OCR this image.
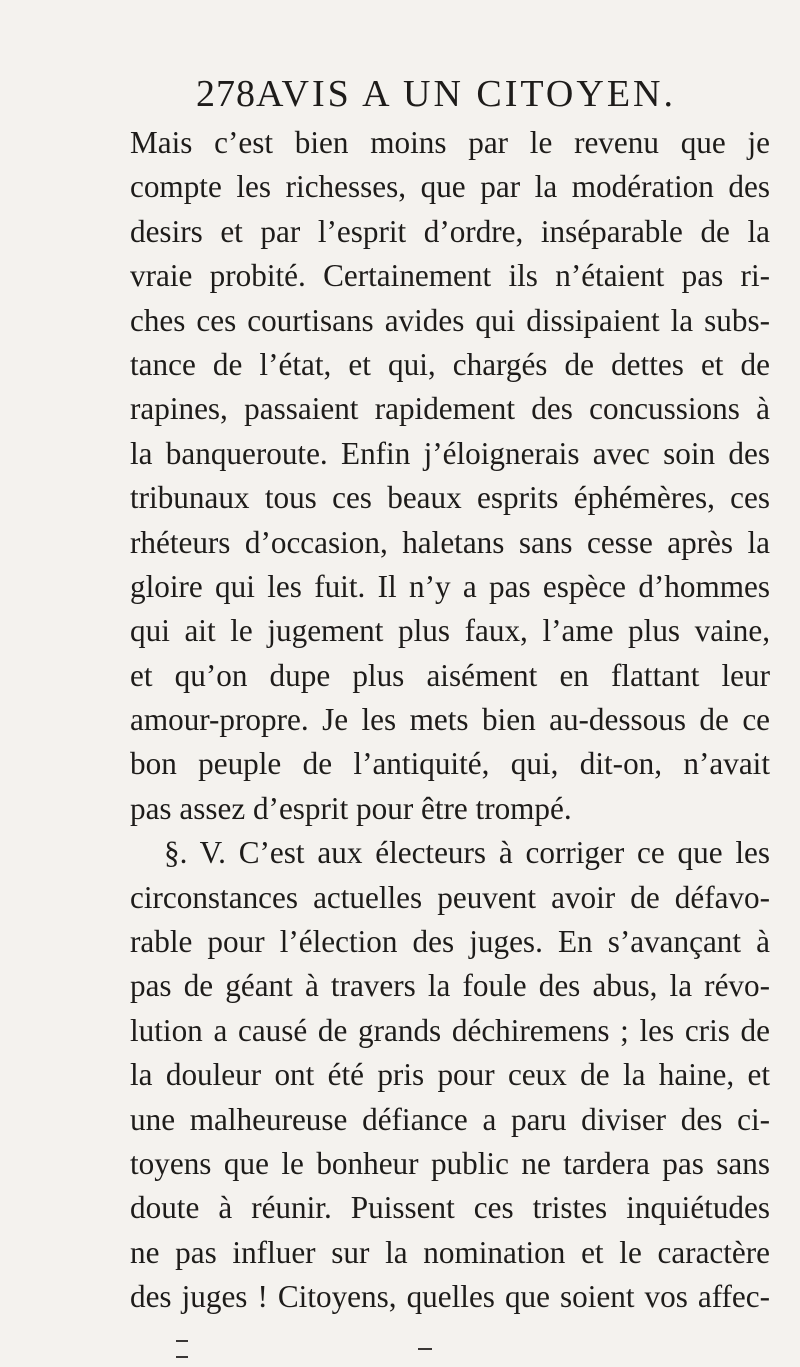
278 AVIS A UN CITOYEN.
Mais c’est bien moins par le revenu que je
compte les richesses, que par la modération des
desirs et par l’esprit d’ordre, inséparable de la
vraie probité. Certainement ils n’étaient pas ri-
ches ces courtisans avides qui dissipaient la subs-
tance de l’état, et qui, chargés de dettes et de
rapines, passaient rapidement des concussions à
la banqueroute. Enfin j’éloignerais avec soin des
tribunaux tous ces beaux esprits éphémères, ces
rhéteurs d’occasion, haletans sans cesse après la
gloire qui les fuit. Il n’y a pas espèce d’hommes
qui ait le jugement plus faux, l’ame plus vaine,
et qu’on dupe plus aisément en flattant leur
amour-propre. Je les mets bien au-dessous de ce
bon peuple de l’antiquité, qui, dit-on, n’avait
pas assez d’esprit pour être trompé.
§. V. C’est aux électeurs à corriger ce que les
circonstances actuelles peuvent avoir de défavo-
rable pour l’élection des juges. En s’avançant à
pas de géant à travers la foule des abus, la révo-
lution a causé de grands déchiremens ; les cris de
la douleur ont été pris pour ceux de la haine, et
une malheureuse défiance a paru diviser des ci-
toyens que le bonheur public ne tardera pas sans
doute à réunir. Puissent ces tristes inquiétudes
ne pas influer sur la nomination et le caractère
des juges ! Citoyens, quelles que soient vos affec-
